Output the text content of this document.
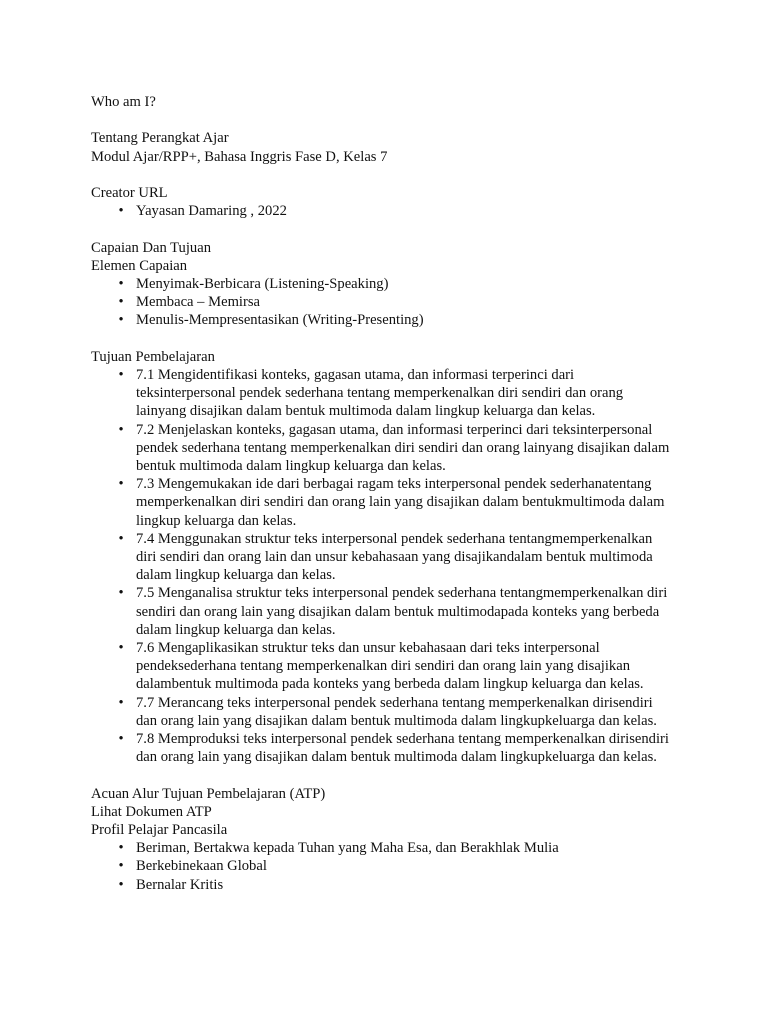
Who am I?

Tentang Perangkat Ajar

Modul Ajar/RPP+, Bahasa Inggris Fase D, Kelas 7

Creator URL

• Yayasan Damaring , 2022

Capaian Dan Tujuan

Elemen Capaian

• Menyimak-Berbicara (Listening-Speaking)
• Membaca – Memirsa
• Menulis-Mempresentasikan (Writing-Presenting)

Tujuan Pembelajaran

• 7.1 Mengidentifikasi konteks, gagasan utama, dan informasi terperinci dari teksinterpersonal pendek sederhana tentang memperkenalkan diri sendiri dan orang lainyang disajikan dalam bentuk multimoda dalam lingkup keluarga dan kelas.
• 7.2 Menjelaskan konteks, gagasan utama, dan informasi terperinci dari teksinterpersonal pendek sederhana tentang memperkenalkan diri sendiri dan orang lainyang disajikan dalam bentuk multimoda dalam lingkup keluarga dan kelas.
• 7.3 Mengemukakan ide dari berbagai ragam teks interpersonal pendek sederhanatentang memperkenalkan diri sendiri dan orang lain yang disajikan dalam bentukmultimoda dalam lingkup keluarga dan kelas.
• 7.4 Menggunakan struktur teks interpersonal pendek sederhana tentangmemperkenalkan diri sendiri dan orang lain dan unsur kebahasaan yang disajikandalam bentuk multimoda dalam lingkup keluarga dan kelas.
• 7.5 Menganalisa struktur teks interpersonal pendek sederhana tentangmemperkenalkan diri sendiri dan orang lain yang disajikan dalam bentuk multimodapada konteks yang berbeda dalam lingkup keluarga dan kelas.
• 7.6 Mengaplikasikan struktur teks dan unsur kebahasaan dari teks interpersonal pendeksederhana tentang memperkenalkan diri sendiri dan orang lain yang disajikan dalambentuk multimoda pada konteks yang berbeda dalam lingkup keluarga dan kelas.
• 7.7 Merancang teks interpersonal pendek sederhana tentang memperkenalkan dirisendiri dan orang lain yang disajikan dalam bentuk multimoda dalam lingkupkeluarga dan kelas.
• 7.8 Memproduksi teks interpersonal pendek sederhana tentang memperkenalkan dirisendiri dan orang lain yang disajikan dalam bentuk multimoda dalam lingkupkeluarga dan kelas.

Acuan Alur Tujuan Pembelajaran (ATP)

Lihat Dokumen ATP

Profil Pelajar Pancasila

• Beriman, Bertakwa kepada Tuhan yang Maha Esa, dan Berakhlak Mulia
• Berkebinekaan Global
• Bernalar Kritis
